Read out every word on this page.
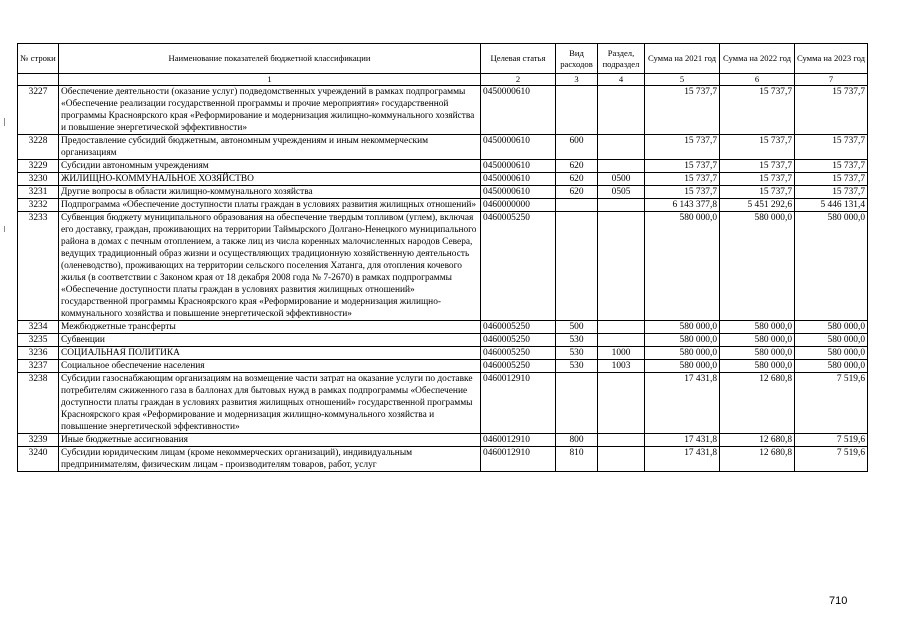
№ строки	Наименование показателей бюджетной классификации	Целевая статья	Вид расходов	Раздел, подраздел	Сумма на 2021 год	Сумма на 2022 год	Сумма на 2023 год
	1	2	3	4	5	6	7
3227	Обеспечение деятельности (оказание услуг) подведомственных учреждений в рамках подпрограммы «Обеспечение реализации государственной программы и прочие мероприятия» государственной программы Красноярского края «Реформирование и модернизация жилищно-коммунального хозяйства и повышение энергетической эффективности»	0450000610			15 737,7	15 737,7	15 737,7
3228	Предоставление субсидий бюджетным, автономным учреждениям и иным некоммерческим организациям	0450000610	600		15 737,7	15 737,7	15 737,7
3229	Субсидии автономным учреждениям	0450000610	620		15 737,7	15 737,7	15 737,7
3230	ЖИЛИЩНО-КОММУНАЛЬНОЕ ХОЗЯЙСТВО	0450000610	620	0500	15 737,7	15 737,7	15 737,7
3231	Другие вопросы в области жилищно-коммунального хозяйства	0450000610	620	0505	15 737,7	15 737,7	15 737,7
3232	Подпрограмма «Обеспечение доступности платы граждан в условиях развития жилищных отношений»	0460000000			6 143 377,8	5 451 292,6	5 446 131,4
3233	Субвенция бюджету муниципального образования на обеспечение твердым топливом (углем), включая его доставку, граждан, проживающих на территории Таймырского Долгано-Ненецкого муниципального района в домах с печным отоплением, а также лиц из числа коренных малочисленных народов Севера, ведущих традиционный образ жизни и осуществляющих традиционную хозяйственную деятельность (оленеводство), проживающих на территории сельского поселения Хатанга, для отопления кочевого жилья (в соответствии с Законом края от 18 декабря 2008 года № 7-2670) в рамках подпрограммы «Обеспечение доступности платы граждан в условиях развития жилищных отношений» государственной программы Красноярского края «Реформирование и модернизация жилищно-коммунального хозяйства и повышение энергетической эффективности»	0460005250			580 000,0	580 000,0	580 000,0
3234	Межбюджетные трансферты	0460005250	500		580 000,0	580 000,0	580 000,0
3235	Субвенции	0460005250	530		580 000,0	580 000,0	580 000,0
3236	СОЦИАЛЬНАЯ ПОЛИТИКА	0460005250	530	1000	580 000,0	580 000,0	580 000,0
3237	Социальное обеспечение населения	0460005250	530	1003	580 000,0	580 000,0	580 000,0
3238	Субсидии газоснабжающим организациям на возмещение части затрат на оказание услуги по доставке потребителям сжиженного газа в баллонах для бытовых нужд в рамках подпрограммы «Обеспечение доступности платы граждан в условиях развития жилищных отношений» государственной программы Красноярского края «Реформирование и модернизация жилищно-коммунального хозяйства и повышение энергетической эффективности»	0460012910			17 431,8	12 680,8	7 519,6
3239	Иные бюджетные ассигнования	0460012910	800		17 431,8	12 680,8	7 519,6
3240	Субсидии юридическим лицам (кроме некоммерческих организаций), индивидуальным предпринимателям, физическим лицам - производителям товаров, работ, услуг	0460012910	810		17 431,8	12 680,8	7 519,6
710
